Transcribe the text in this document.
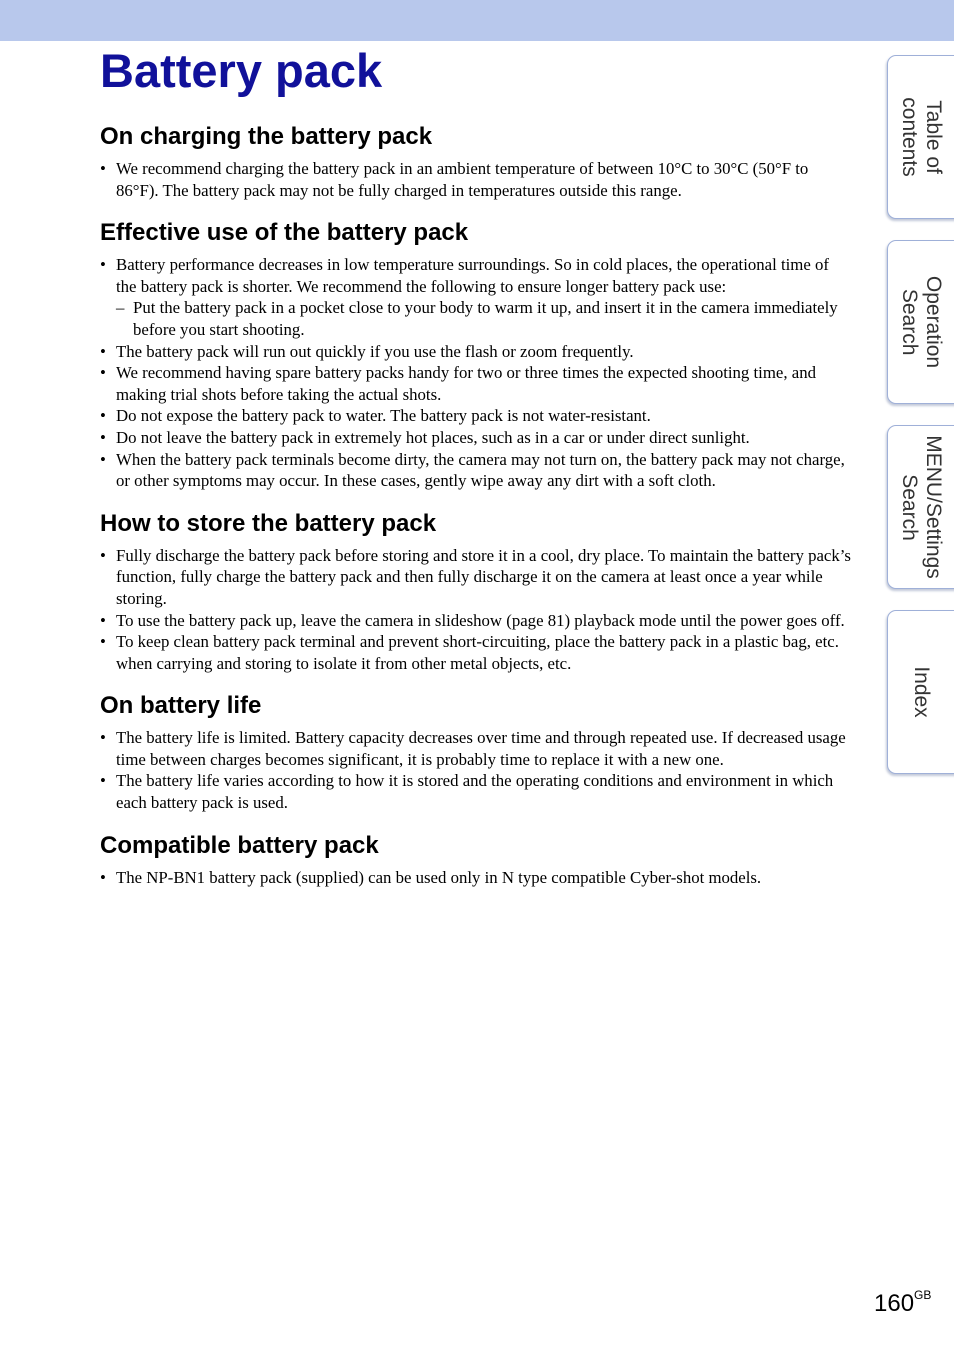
Battery pack
On charging the battery pack
• We recommend charging the battery pack in an ambient temperature of between 10°C to 30°C (50°F to 86°F). The battery pack may not be fully charged in temperatures outside this range.
Effective use of the battery pack
• Battery performance decreases in low temperature surroundings. So in cold places, the operational time of the battery pack is shorter. We recommend the following to ensure longer battery pack use:
– Put the battery pack in a pocket close to your body to warm it up, and insert it in the camera immediately before you start shooting.
• The battery pack will run out quickly if you use the flash or zoom frequently.
• We recommend having spare battery packs handy for two or three times the expected shooting time, and making trial shots before taking the actual shots.
• Do not expose the battery pack to water. The battery pack is not water-resistant.
• Do not leave the battery pack in extremely hot places, such as in a car or under direct sunlight.
• When the battery pack terminals become dirty, the camera may not turn on, the battery pack may not charge, or other symptoms may occur. In these cases, gently wipe away any dirt with a soft cloth.
How to store the battery pack
• Fully discharge the battery pack before storing and store it in a cool, dry place. To maintain the battery pack’s function, fully charge the battery pack and then fully discharge it on the camera at least once a year while storing.
• To use the battery pack up, leave the camera in slideshow (page 81) playback mode until the power goes off.
• To keep clean battery pack terminal and prevent short-circuiting, place the battery pack in a plastic bag, etc. when carrying and storing to isolate it from other metal objects, etc.
On battery life
• The battery life is limited. Battery capacity decreases over time and through repeated use. If decreased usage time between charges becomes significant, it is probably time to replace it with a new one.
• The battery life varies according to how it is stored and the operating conditions and environment in which each battery pack is used.
Compatible battery pack
• The NP-BN1 battery pack (supplied) can be used only in N type compatible Cyber-shot models.
Table of
contents
Operation
Search
MENU/Settings
Search
Index
$160^{GB}$
